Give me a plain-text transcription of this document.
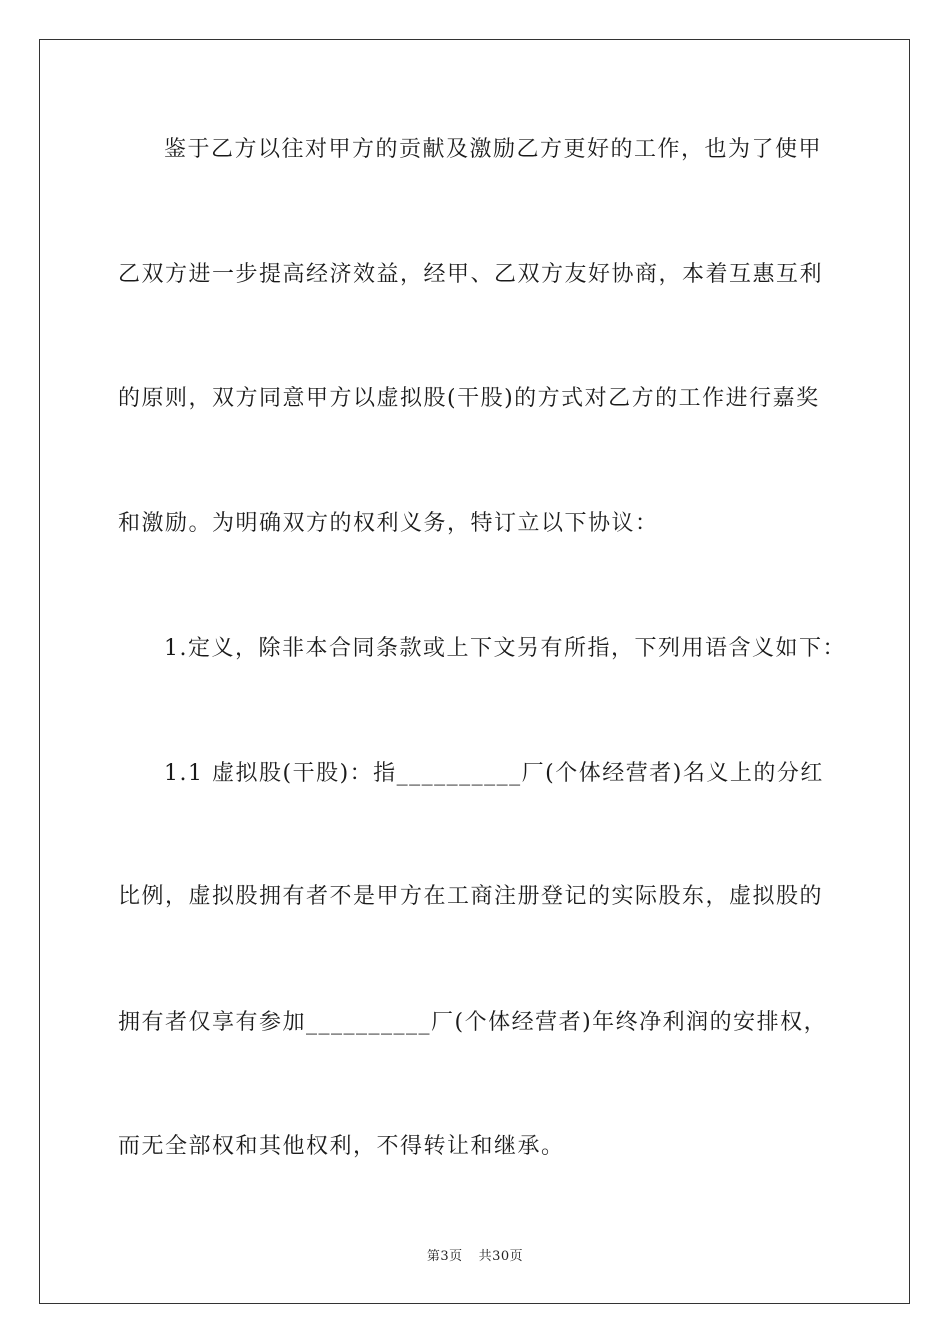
鉴于乙方以往对甲方的贡献及激励乙方更好的工作，也为了使甲
乙双方进一步提高经济效益，经甲、乙双方友好协商，本着互惠互利
的原则，双方同意甲方以虚拟股(干股)的方式对乙方的工作进行嘉奖
和激励。为明确双方的权利义务，特订立以下协议：
1.定义，除非本合同条款或上下文另有所指，下列用语含义如下：
1.1 虚拟股(干股)：指__________厂(个体经营者)名义上的分红
比例，虚拟股拥有者不是甲方在工商注册登记的实际股东，虚拟股的
拥有者仅享有参加__________厂(个体经营者)年终净利润的安排权，
而无全部权和其他权利，不得转让和继承。
第3页 共30页
